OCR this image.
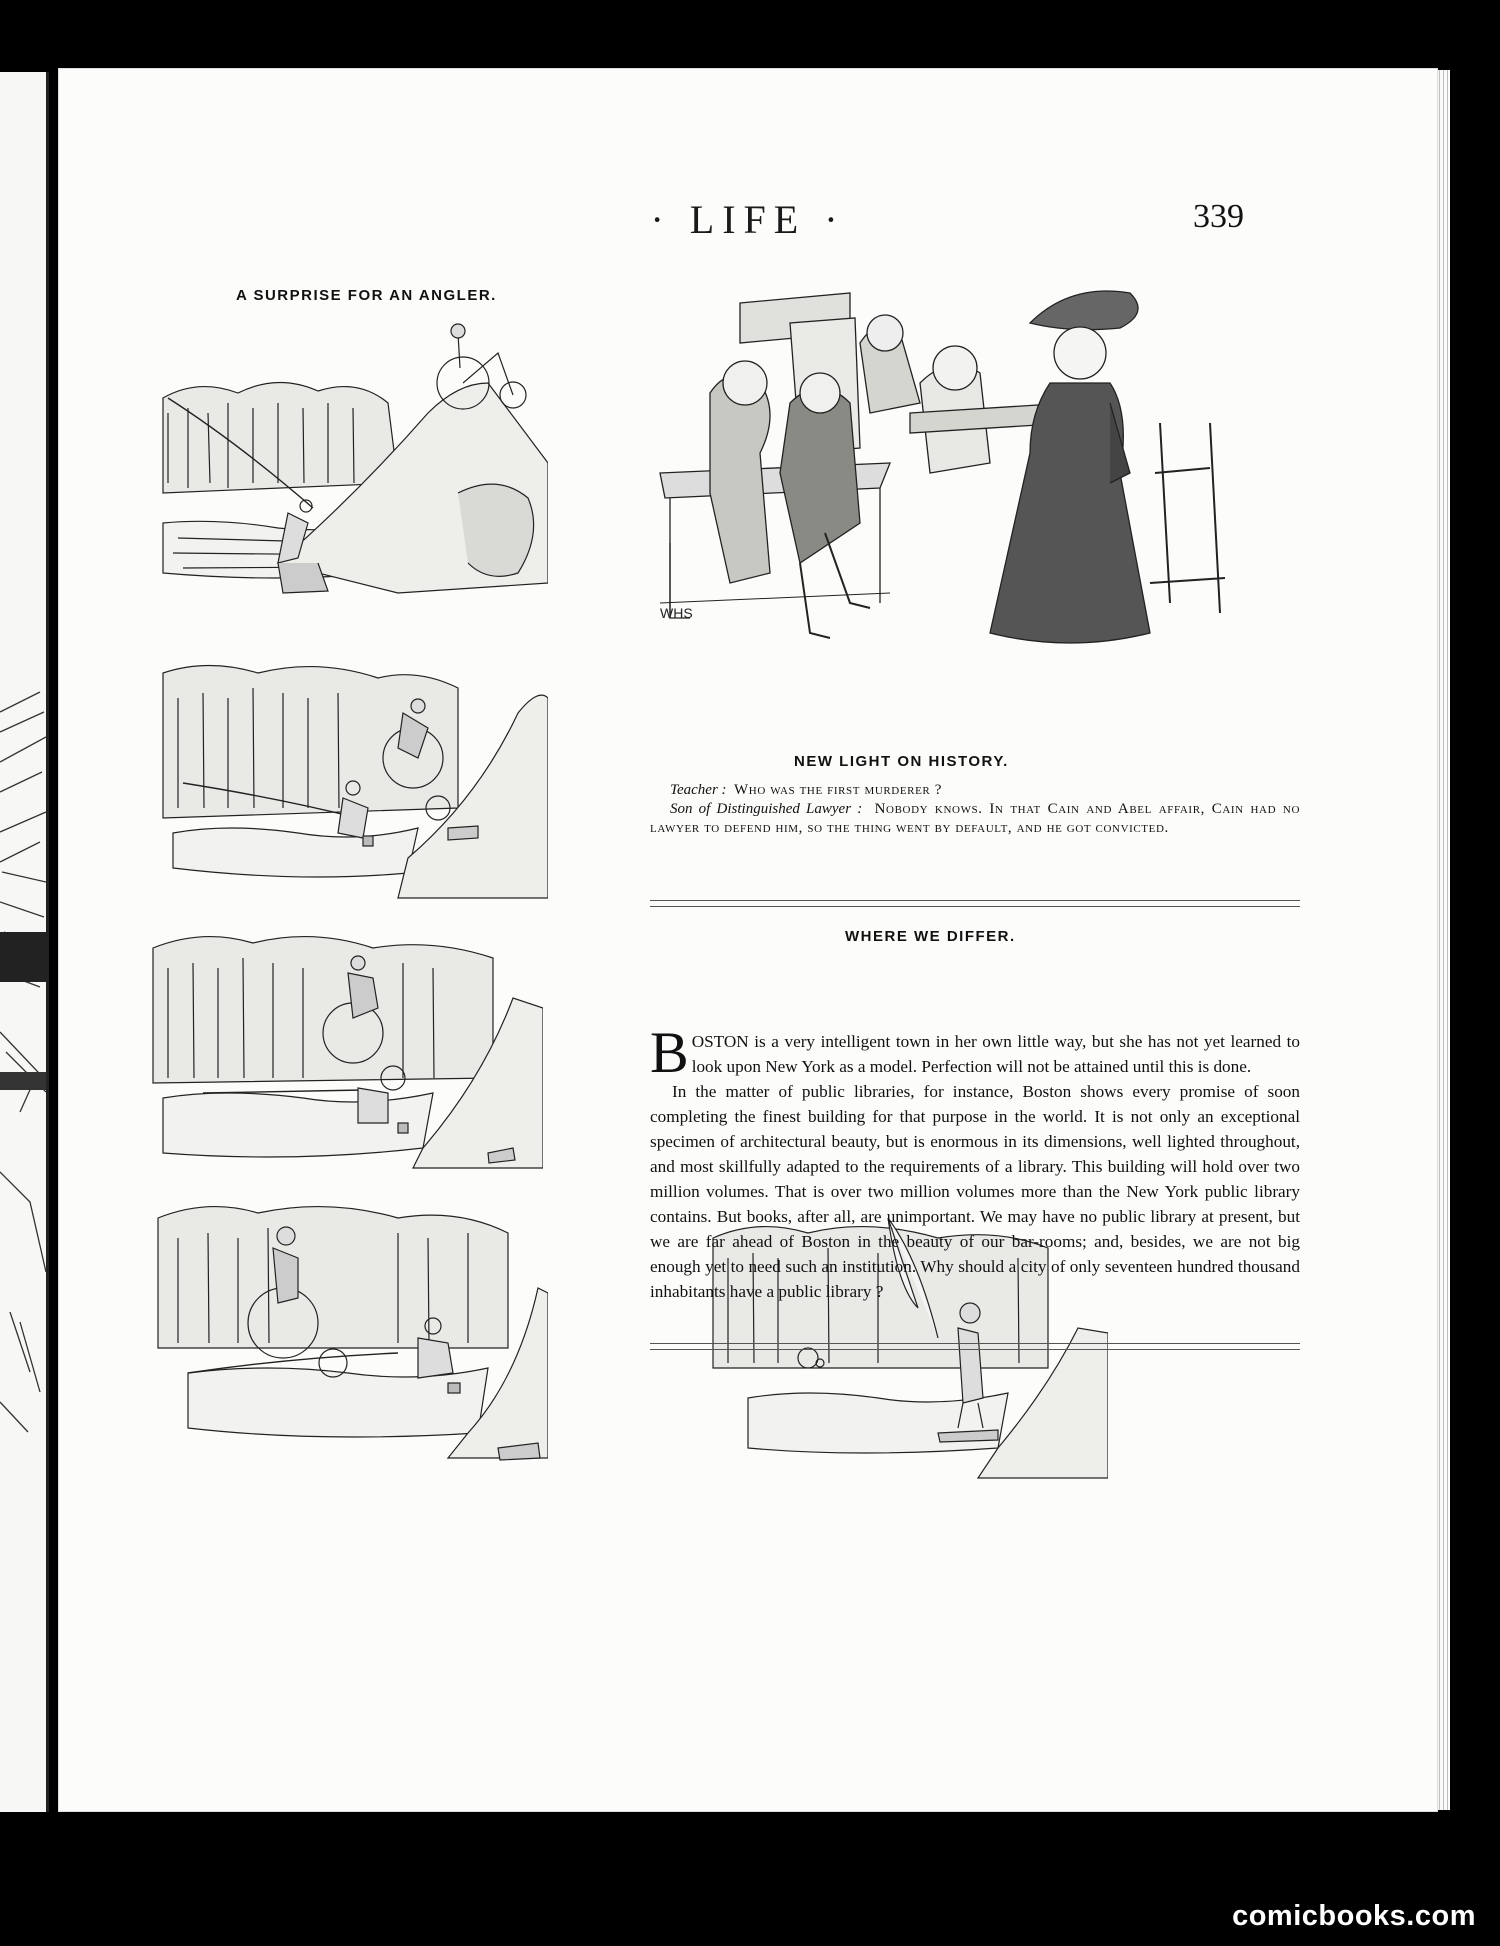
· LIFE ·	339
A SURPRISE FOR AN ANGLER.
WHS
NEW LIGHT ON HISTORY.

Teacher : Who was the first murderer ?

Son of Distinguished Lawyer : Nobody knows. In that Cain and Abel affair, Cain had no lawyer to defend him, so the thing went by default, and he got convicted.

WHERE WE DIFFER.

BOSTON is a very intelligent town in her own little way, but she has not yet learned to look upon New York as a model. Perfection will not be attained until this is done.

In the matter of public libraries, for instance, Boston shows every promise of soon completing the finest building for that purpose in the world. It is not only an exceptional specimen of architectural beauty, but is enormous in its dimensions, well lighted throughout, and most skillfully adapted to the requirements of a library. This building will hold over two million volumes. That is over two million volumes more than the New York public library contains. But books, after all, are unimportant. We may have no public library at present, but we are far ahead of Boston in the beauty of our bar-rooms; and, besides, we are not big enough yet to need such an institution. Why should a city of only seventeen hundred thousand inhabitants have a public library ?

comicbooks.com
